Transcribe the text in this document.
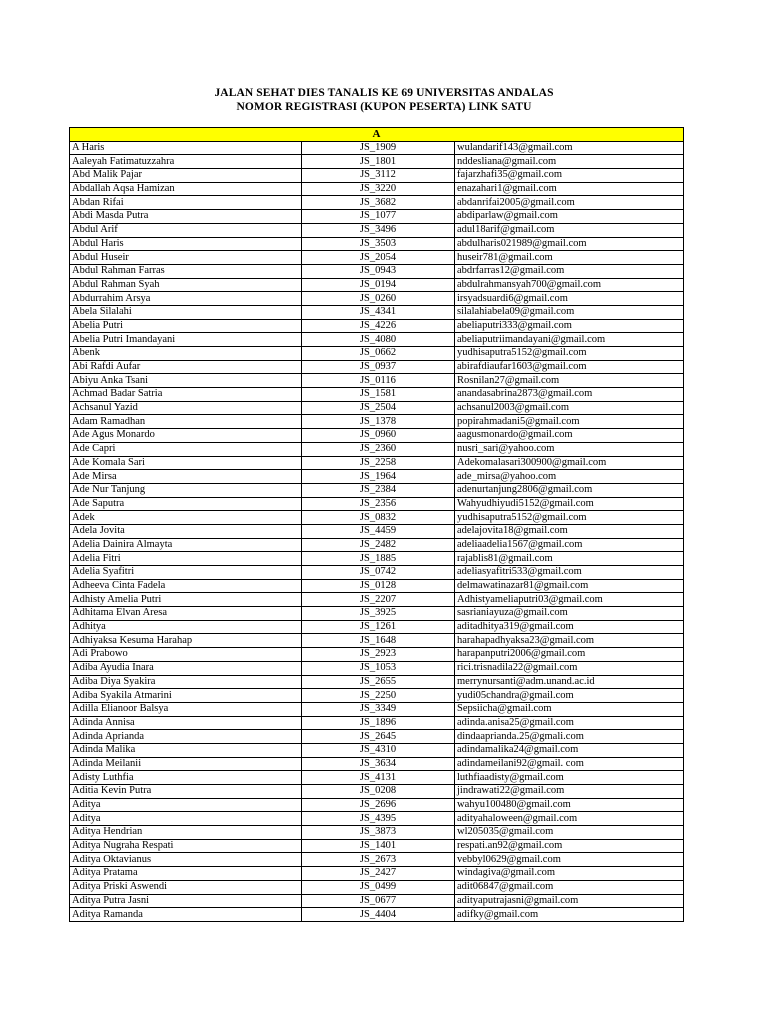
JALAN SEHAT DIES TANALIS KE 69 UNIVERSITAS ANDALAS
NOMOR REGISTRASI (KUPON PESERTA) LINK SATU
A		
A Haris	JS_1909	wulandarif143@gmail.com
Aaleyah Fatimatuzzahra	JS_1801	nddesliana@gmail.com
Abd Malik Pajar	JS_3112	fajarzhafi35@gmail.com
Abdallah Aqsa Hamizan	JS_3220	enazahari1@gmail.com
Abdan Rifai	JS_3682	abdanrifai2005@gmail.com
Abdi Masda Putra	JS_1077	abdiparlaw@gmail.com
Abdul Arif	JS_3496	adul18arif@gmail.com
Abdul Haris	JS_3503	abdulharis021989@gmail.com
Abdul Huseir	JS_2054	huseir781@gmail.com
Abdul Rahman Farras	JS_0943	abdrfarras12@gmail.com
Abdul Rahman Syah	JS_0194	abdulrahmansyah700@gmail.com
Abdurrahim Arsya	JS_0260	irsyadsuardi6@gmail.com
Abela Silalahi	JS_4341	silalahiabela09@gmail.com
Abelia Putri	JS_4226	abeliaputri333@gmail.com
Abelia Putri Imandayani	JS_4080	abeliaputriimandayani@gmail.com
Abenk	JS_0662	yudhisaputra5152@gmail.com
Abi Rafdi Aufar	JS_0937	abirafdiaufar1603@gmail.com
Abiyu Anka Tsani	JS_0116	Rosnilan27@gmail.com
Achmad Badar Satria	JS_1581	anandasabrina2873@gmail.com
Achsanul Yazid	JS_2504	achsanul2003@gmail.com
Adam Ramadhan	JS_1378	popirahmadani5@gmail.com
Ade Agus Monardo	JS_0960	aagusmonardo@gmail.com
Ade Capri	JS_2360	nusri_sari@yahoo.com
Ade Komala Sari	JS_2258	Adekomalasari300900@gmail.com
Ade Mirsa	JS_1964	ade_mirsa@yahoo.com
Ade Nur Tanjung	JS_2384	adenurtanjung2806@gmail.com
Ade Saputra	JS_2356	Wahyudhiyudi5152@gmail.com
Adek	JS_0832	yudhisaputra5152@gmail.com
Adela Jovita	JS_4459	adelajovita18@gmail.com
Adelia Dainira Almayta	JS_2482	adeliaadelia1567@gmail.com
Adelia Fitri	JS_1885	rajablis81@gmail.com
Adelia Syafitri	JS_0742	adeliasyafitri533@gmail.com
Adheeva Cinta Fadela	JS_0128	delmawatinazar81@gmail.com
Adhisty Amelia Putri	JS_2207	Adhistyameliaputri03@gmail.com
Adhitama Elvan Aresa	JS_3925	sasrianiayuza@gmail.com
Adhitya	JS_1261	aditadhitya319@gmail.com
Adhiyaksa Kesuma Harahap	JS_1648	harahapadhyaksa23@gmail.com
Adi Prabowo	JS_2923	harapanputri2006@gmail.com
Adiba Ayudia Inara	JS_1053	rici.trisnadila22@gmail.com
Adiba Diya Syakira	JS_2655	merrynursanti@adm.unand.ac.id
Adiba Syakila Atmarini	JS_2250	yudi05chandra@gmail.com
Adilla Elianoor Balsya	JS_3349	Sepsiicha@gmail.com
Adinda Annisa	JS_1896	adinda.anisa25@gmail.com
Adinda Aprianda	JS_2645	dindaaprianda.25@gmali.com
Adinda Malika	JS_4310	adindamalika24@gmail.com
Adinda Meilanii	JS_3634	adindameilani92@gmail. com
Adisty Luthfia	JS_4131	luthfiaadisty@gmail.com
Aditia Kevin Putra	JS_0208	jindrawati22@gmail.com
Aditya	JS_2696	wahyu100480@gmail.com
Aditya	JS_4395	adityahaloween@gmail.com
Aditya Hendrian	JS_3873	wl205035@gmail.com
Aditya Nugraha Respati	JS_1401	respati.an92@gmail.com
Aditya Oktavianus	JS_2673	vebbyl0629@gmail.com
Aditya Pratama	JS_2427	windagiva@gmail.com
Aditya Priski Aswendi	JS_0499	adit06847@gmail.com
Aditya Putra Jasni	JS_0677	adityaputrajasni@gmail.com
Aditya Ramanda	JS_4404	adifky@gmail.com
